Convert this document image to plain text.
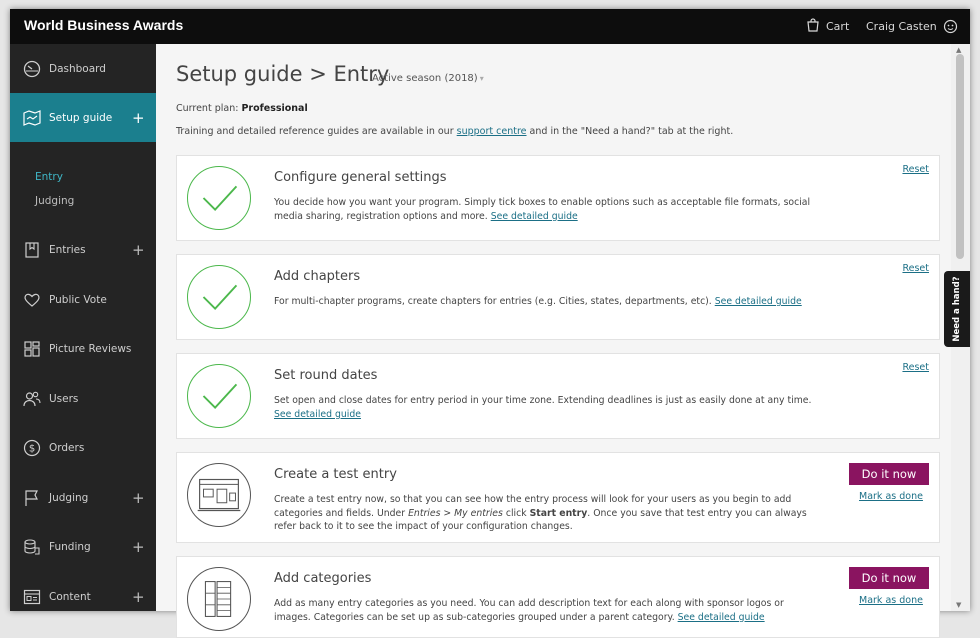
World Business Awards	Cart Craig Casten
Dashboard
Setup guide +
Entry
Judging
Entries	+
Public Vote
Picture Reviews
Users
$ Orders
Judging	+
Funding	+
Content	+
Setup guide > Entry
Active season (2018) ▾
Current plan: Professional
Training and detailed reference guides are available in our support centre and in the "Need a hand?" tab at the right.
Configure general settings
You decide how you want your program. Simply tick boxes to enable options such as acceptable file formats, social media sharing, registration options and more. See detailed guide
Reset
Add chapters
For multi-chapter programs, create chapters for entries (e.g. Cities, states, departments, etc). See detailed guide
Reset
Set round dates
Set open and close dates for entry period in your time zone. Extending deadlines is just as easily done at any time. See detailed guide
Reset
Create a test entry
Create a test entry now, so that you can see how the entry process will look for your users as you begin to add categories and fields. Under Entries > My entries click Start entry. Once you save that test entry you can always refer back to it to see the impact of your configuration changes.
Do it now
Mark as done
Add categories
Add as many entry categories as you need. You can add description text for each along with sponsor logos or images. Categories can be set up as sub-categories grouped under a parent category. See detailed guide
Do it now
Mark as done
▲
▼
Need a hand?
